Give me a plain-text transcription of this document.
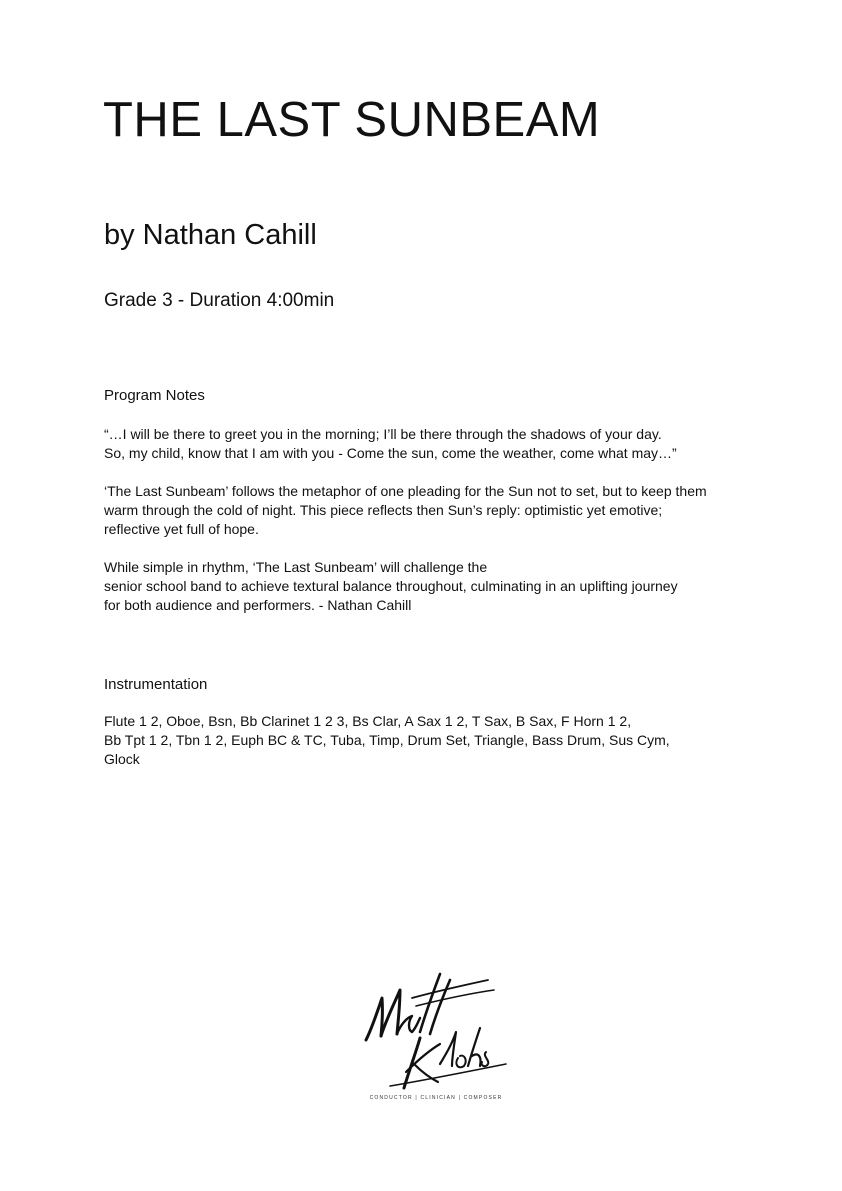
THE LAST SUNBEAM
by Nathan Cahill
Grade 3 - Duration 4:00min
Program Notes

“…I will be there to greet you in the morning; I’ll be there through the shadows of your day.
So, my child, know that I am with you - Come the sun, come the weather, come what may…”

‘The Last Sunbeam’ follows the metaphor of one pleading for the Sun not to set, but to keep them
warm through the cold of night. This piece reflects then Sun’s reply: optimistic yet emotive;
reflective yet full of hope.

While simple in rhythm, ‘The Last Sunbeam’ will challenge the
senior school band to achieve textural balance throughout, culminating in an uplifting journey
for both audience and performers. - Nathan Cahill

Instrumentation

Flute 1 2, Oboe, Bsn, Bb Clarinet 1 2 3, Bs Clar, A Sax 1 2, T Sax, B Sax, F Horn 1 2,
Bb Tpt 1 2, Tbn 1 2, Euph BC & TC, Tuba, Timp, Drum Set, Triangle, Bass Drum, Sus Cym,
Glock

CONDUCTOR | CLINICIAN | COMPOSER
